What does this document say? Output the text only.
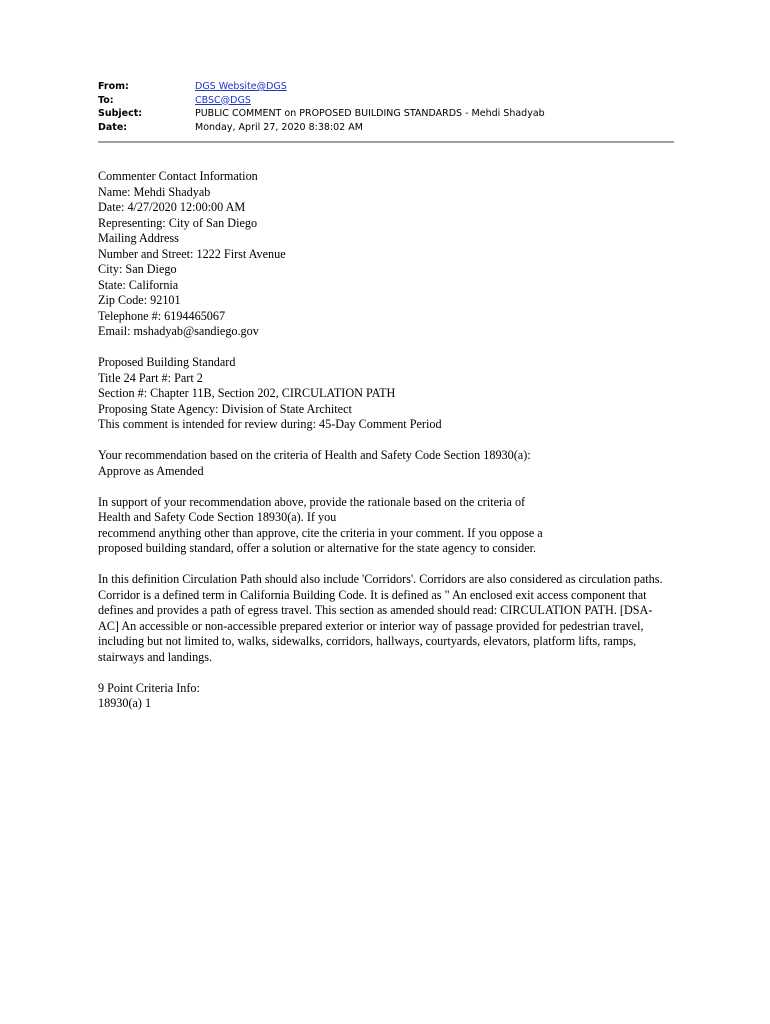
From:	DGS Website@DGS
To:	CBSC@DGS
Subject:	PUBLIC COMMENT on PROPOSED BUILDING STANDARDS - Mehdi Shadyab
Date:	Monday, April 27, 2020 8:38:02 AM
Commenter Contact Information
Name: Mehdi Shadyab
Date: 4/27/2020 12:00:00 AM
Representing: City of San Diego
Mailing Address
Number and Street: 1222 First Avenue
City: San Diego
State: California
Zip Code: 92101
Telephone #: 6194465067
Email: mshadyab@sandiego.gov
Proposed Building Standard
Title 24 Part #: Part 2
Section #: Chapter 11B, Section 202, CIRCULATION PATH
Proposing State Agency: Division of State Architect
This comment is intended for review during: 45-Day Comment Period
Your recommendation based on the criteria of Health and Safety Code Section 18930(a):
Approve as Amended
In support of your recommendation above, provide the rationale based on the criteria of
Health and Safety Code Section 18930(a). If you
recommend anything other than approve, cite the criteria in your comment. If you oppose a
proposed building standard, offer a solution or alternative for the state agency to consider.
In this definition Circulation Path should also include 'Corridors'. Corridors are also considered as circulation paths.
Corridor is a defined term in California Building Code. It is defined as " An enclosed exit access component that
defines and provides a path of egress travel. This section as amended should read: CIRCULATION PATH. [DSA-
AC] An accessible or non-accessible prepared exterior or interior way of passage provided for pedestrian travel,
including but not limited to, walks, sidewalks, corridors, hallways, courtyards, elevators, platform lifts, ramps,
stairways and landings.
9 Point Criteria Info:
18930(a) 1
